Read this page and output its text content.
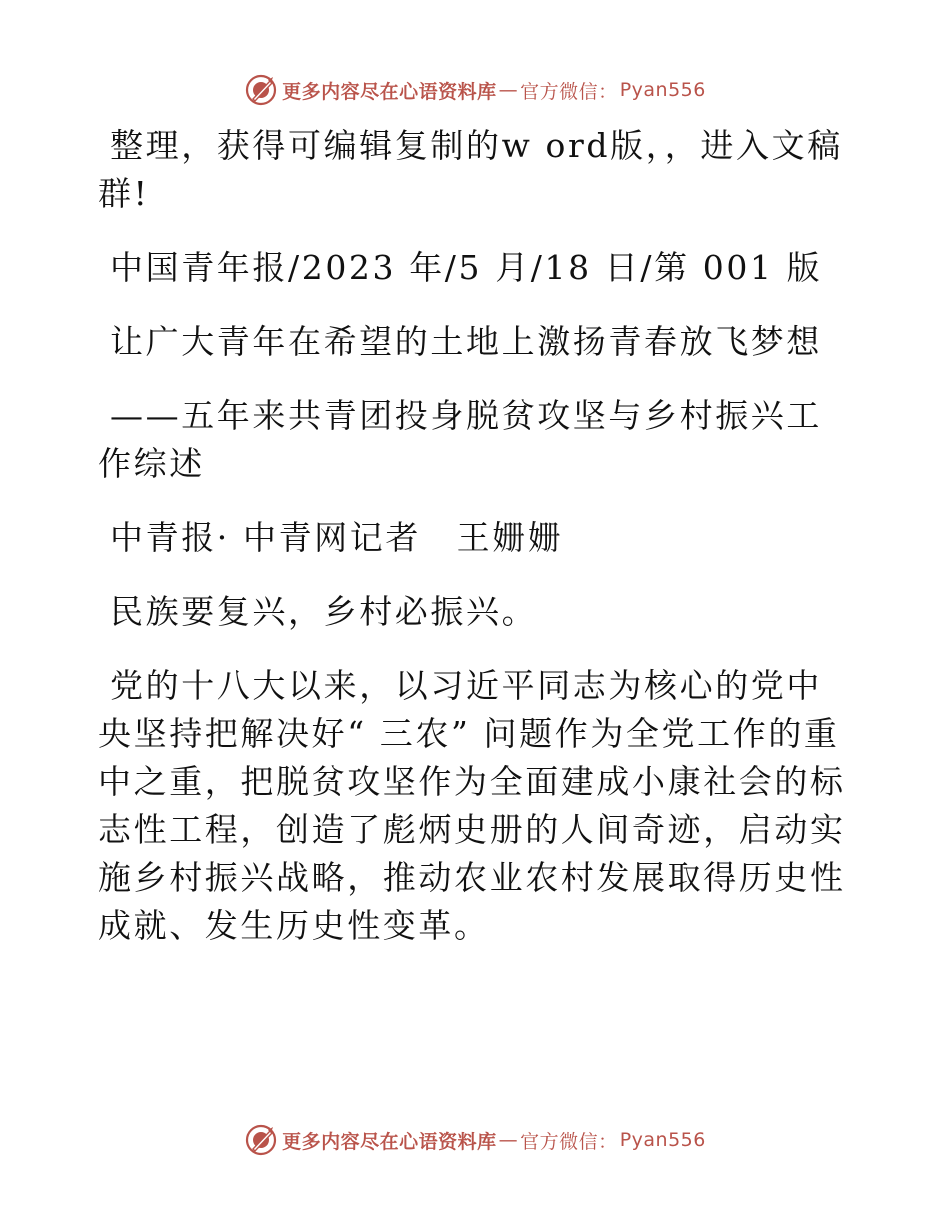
更多内容尽在心语资料库 — 官方微信： Pyan556

整理，获得可编辑复制的w ord版，，进入文稿群!

中国青年报/2023 年/5 月/18 日/第 001 版

让广大青年在希望的土地上激扬青春放飞梦想

——五年来共青团投身脱贫攻坚与乡村振兴工作综述

中青报· 中青网记者　王姗姗

民族要复兴，乡村必振兴。

党的十八大以来，以习近平同志为核心的党中央坚持把解决好“ 三农” 问题作为全党工作的重中之重，把脱贫攻坚作为全面建成小康社会的标志性工程，创造了彪炳史册的人间奇迹，启动实施乡村振兴战略，推动农业农村发展取得历史性成就、发生历史性变革。

更多内容尽在心语资料库 — 官方微信： Pyan556
